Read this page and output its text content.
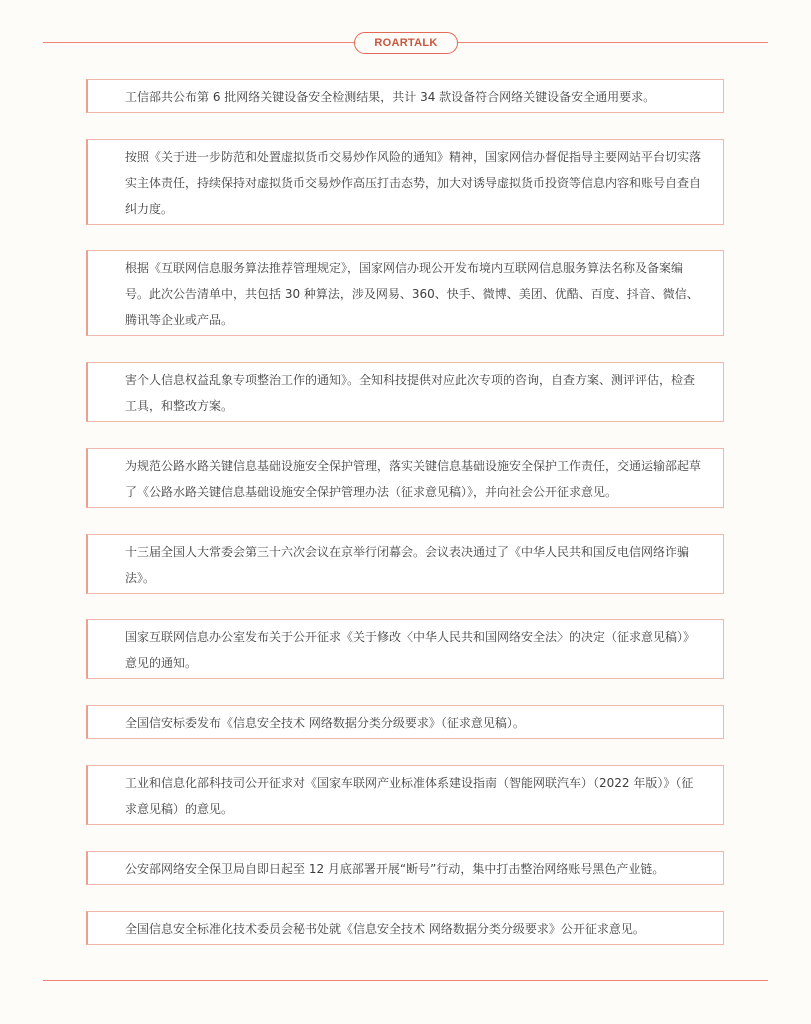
ROARTALK
工信部共公布第 6 批网络关键设备安全检测结果，共计 34 款设备符合网络关键设备安全通用要求。
按照《关于进一步防范和处置虚拟货币交易炒作风险的通知》精神，国家网信办督促指导主要网站平台切实落实主体责任，持续保持对虚拟货币交易炒作高压打击态势，加大对诱导虚拟货币投资等信息内容和账号自查自纠力度。
根据《互联网信息服务算法推荐管理规定》，国家网信办现公开发布境内互联网信息服务算法名称及备案编号。此次公告清单中，共包括 30 种算法，涉及网易、360、快手、微博、美团、优酷、百度、抖音、微信、腾讯等企业或产品。
害个人信息权益乱象专项整治工作的通知》。全知科技提供对应此次专项的咨询，自查方案、测评评估，检查工具，和整改方案。
为规范公路水路关键信息基础设施安全保护管理，落实关键信息基础设施安全保护工作责任，交通运输部起草了《公路水路关键信息基础设施安全保护管理办法（征求意见稿）》，并向社会公开征求意见。
十三届全国人大常委会第三十六次会议在京举行闭幕会。会议表决通过了《中华人民共和国反电信网络诈骗法》。
国家互联网信息办公室发布关于公开征求《关于修改〈中华人民共和国网络安全法〉的决定（征求意见稿）》意见的通知。
全国信安标委发布《信息安全技术 网络数据分类分级要求》（征求意见稿）。
工业和信息化部科技司公开征求对《国家车联网产业标准体系建设指南（智能网联汽车）（2022 年版）》（征求意见稿）的意见。
公安部网络安全保卫局自即日起至 12 月底部署开展“断号”行动，集中打击整治网络账号黑色产业链。
全国信息安全标准化技术委员会秘书处就《信息安全技术 网络数据分类分级要求》公开征求意见。
